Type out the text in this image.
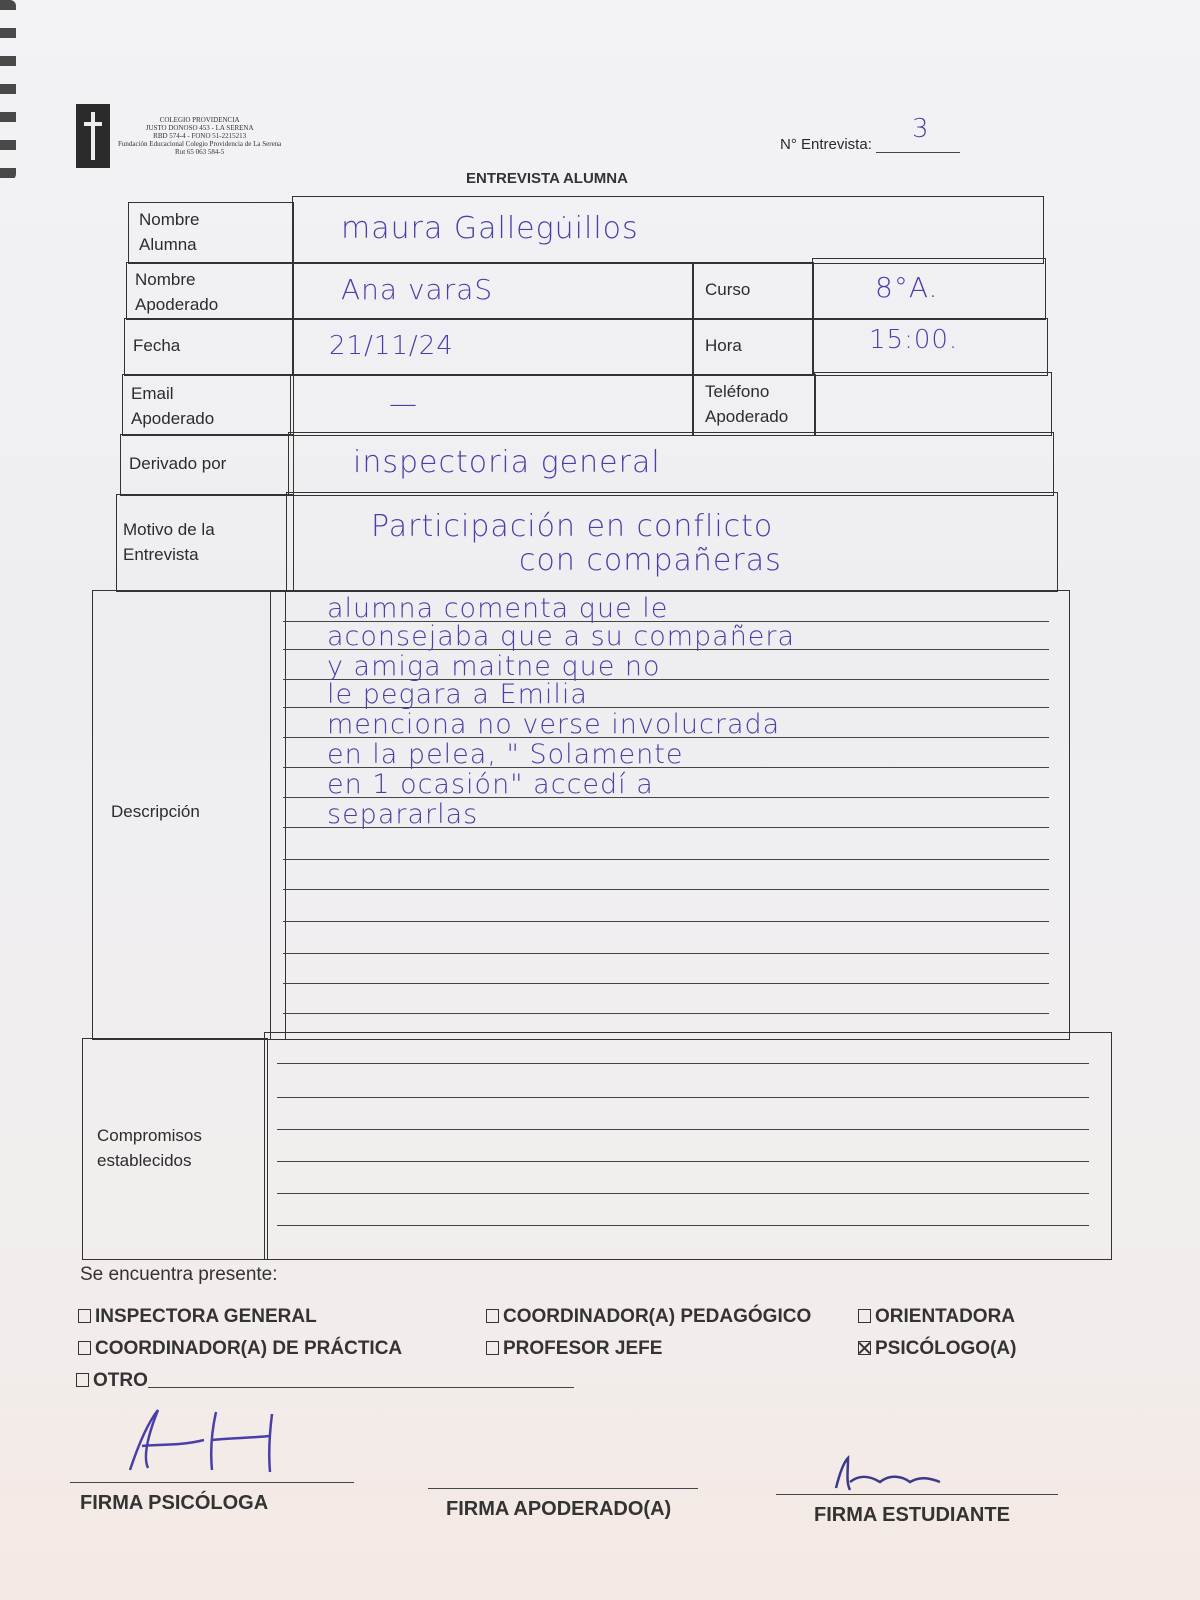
COLEGIO PROVIDENCIA
JUSTO DONOSO 453 - LA SERENA
RBD 574-4 - FONO 51-2215213
Fundación Educacional Colegio Providencia de La Serena
Rut 65 063 584-5	N° Entrevista:
3
ENTREVISTA ALUMNA
Nombre Alumna	maura Gallegu̇illos
Nombre Apoderado	Ana varaS	Curso	8°A.
Fecha	21/11/24	Hora	15:00.
Email Apoderado	—	Teléfono Apoderado
Derivado por	inspectoria general
Motivo de la Entrevista
Participación en conflicto
con compañeras
Descripción
alumna comenta que le
aconsejaba que a su compañera
y amiga maitne que no
le pegara a Emilia
menciona no verse involucrada
en la pelea, " Solamente
en 1 ocasión" accedí a
separarlas
Compromisos establecidos
Se encuentra presente:
INSPECTORA GENERAL	COORDINADOR(A) PEDAGÓGICO	ORIENTADORA
COORDINADOR(A) DE PRÁCTICA	PROFESOR JEFE	PSICÓLOGO(A)
OTRO
FIRMA PSICÓLOGA	FIRMA APODERADO(A)	FIRMA ESTUDIANTE
